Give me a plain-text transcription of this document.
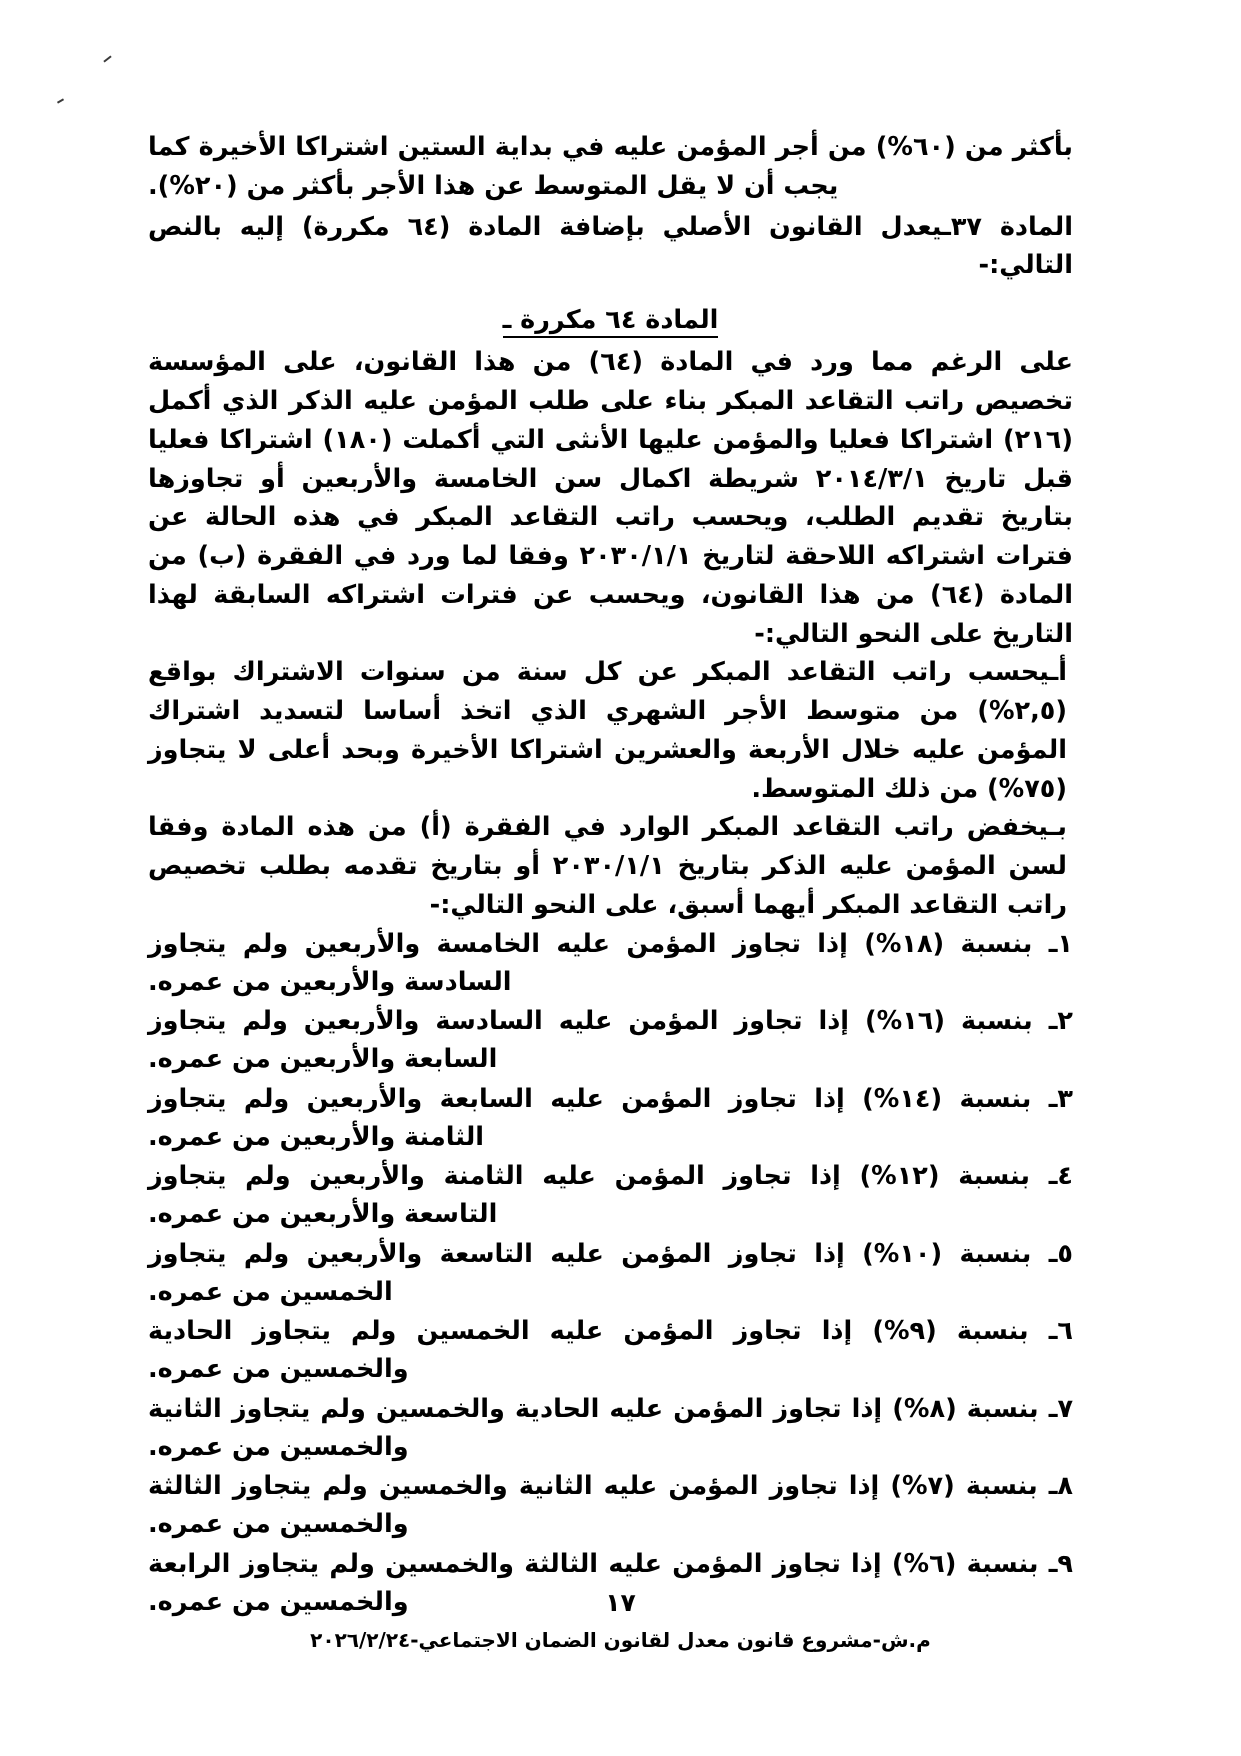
بأكثر من (٦٠%) من أجر المؤمن عليه في بداية الستين اشتراكا الأخيرة كما يجب أن لا يقل المتوسط عن هذا الأجر بأكثر من (٢٠%).

المادة ٣٧ـيعدل القانون الأصلي بإضافة المادة (٦٤ مكررة) إليه بالنص التالي:-

المادة ٦٤ مكررة ـ

على الرغم مما ورد في المادة (٦٤) من هذا القانون، على المؤسسة تخصيص راتب التقاعد المبكر بناء على طلب المؤمن عليه الذكر الذي أكمل (٢١٦) اشتراكا فعليا والمؤمن عليها الأنثى التي أكملت (١٨٠) اشتراكا فعليا قبل تاريخ ٢٠١٤/٣/١ شريطة اكمال سن الخامسة والأربعين أو تجاوزها بتاريخ تقديم الطلب، ويحسب راتب التقاعد المبكر في هذه الحالة عن فترات اشتراكه اللاحقة لتاريخ ٢٠٣٠/١/١ وفقا لما ورد في الفقرة (ب) من المادة (٦٤) من هذا القانون، ويحسب عن فترات اشتراكه السابقة لهذا التاريخ على النحو التالي:-

أـيحسب راتب التقاعد المبكر عن كل سنة من سنوات الاشتراك بواقع (٢,٥%) من متوسط الأجر الشهري الذي اتخذ أساسا لتسديد اشتراك المؤمن عليه خلال الأربعة والعشرين اشتراكا الأخيرة وبحد أعلى لا يتجاوز (٧٥%) من ذلك المتوسط.

بـيخفض راتب التقاعد المبكر الوارد في الفقرة (أ) من هذه المادة وفقا لسن المؤمن عليه الذكر بتاريخ ٢٠٣٠/١/١ أو بتاريخ تقدمه بطلب تخصيص راتب التقاعد المبكر أيهما أسبق، على النحو التالي:-

١ـ بنسبة (١٨%) إذا تجاوز المؤمن عليه الخامسة والأربعين ولم يتجاوز السادسة والأربعين من عمره.
٢ـ بنسبة (١٦%) إذا تجاوز المؤمن عليه السادسة والأربعين ولم يتجاوز السابعة والأربعين من عمره.
٣ـ بنسبة (١٤%) إذا تجاوز المؤمن عليه السابعة والأربعين ولم يتجاوز الثامنة والأربعين من عمره.
٤ـ بنسبة (١٢%) إذا تجاوز المؤمن عليه الثامنة والأربعين ولم يتجاوز التاسعة والأربعين من عمره.
٥ـ بنسبة (١٠%) إذا تجاوز المؤمن عليه التاسعة والأربعين ولم يتجاوز الخمسين من عمره.
٦ـ بنسبة (٩%) إذا تجاوز المؤمن عليه الخمسين ولم يتجاوز الحادية والخمسين من عمره.
٧ـ بنسبة (٨%) إذا تجاوز المؤمن عليه الحادية والخمسين ولم يتجاوز الثانية والخمسين من عمره.
٨ـ بنسبة (٧%) إذا تجاوز المؤمن عليه الثانية والخمسين ولم يتجاوز الثالثة والخمسين من عمره.
٩ـ بنسبة (٦%) إذا تجاوز المؤمن عليه الثالثة والخمسين ولم يتجاوز الرابعة والخمسين من عمره.	١٧
م.ش-مشروع قانون معدل لقانون الضمان الاجتماعي-٢٠٢٦/٢/٢٤
